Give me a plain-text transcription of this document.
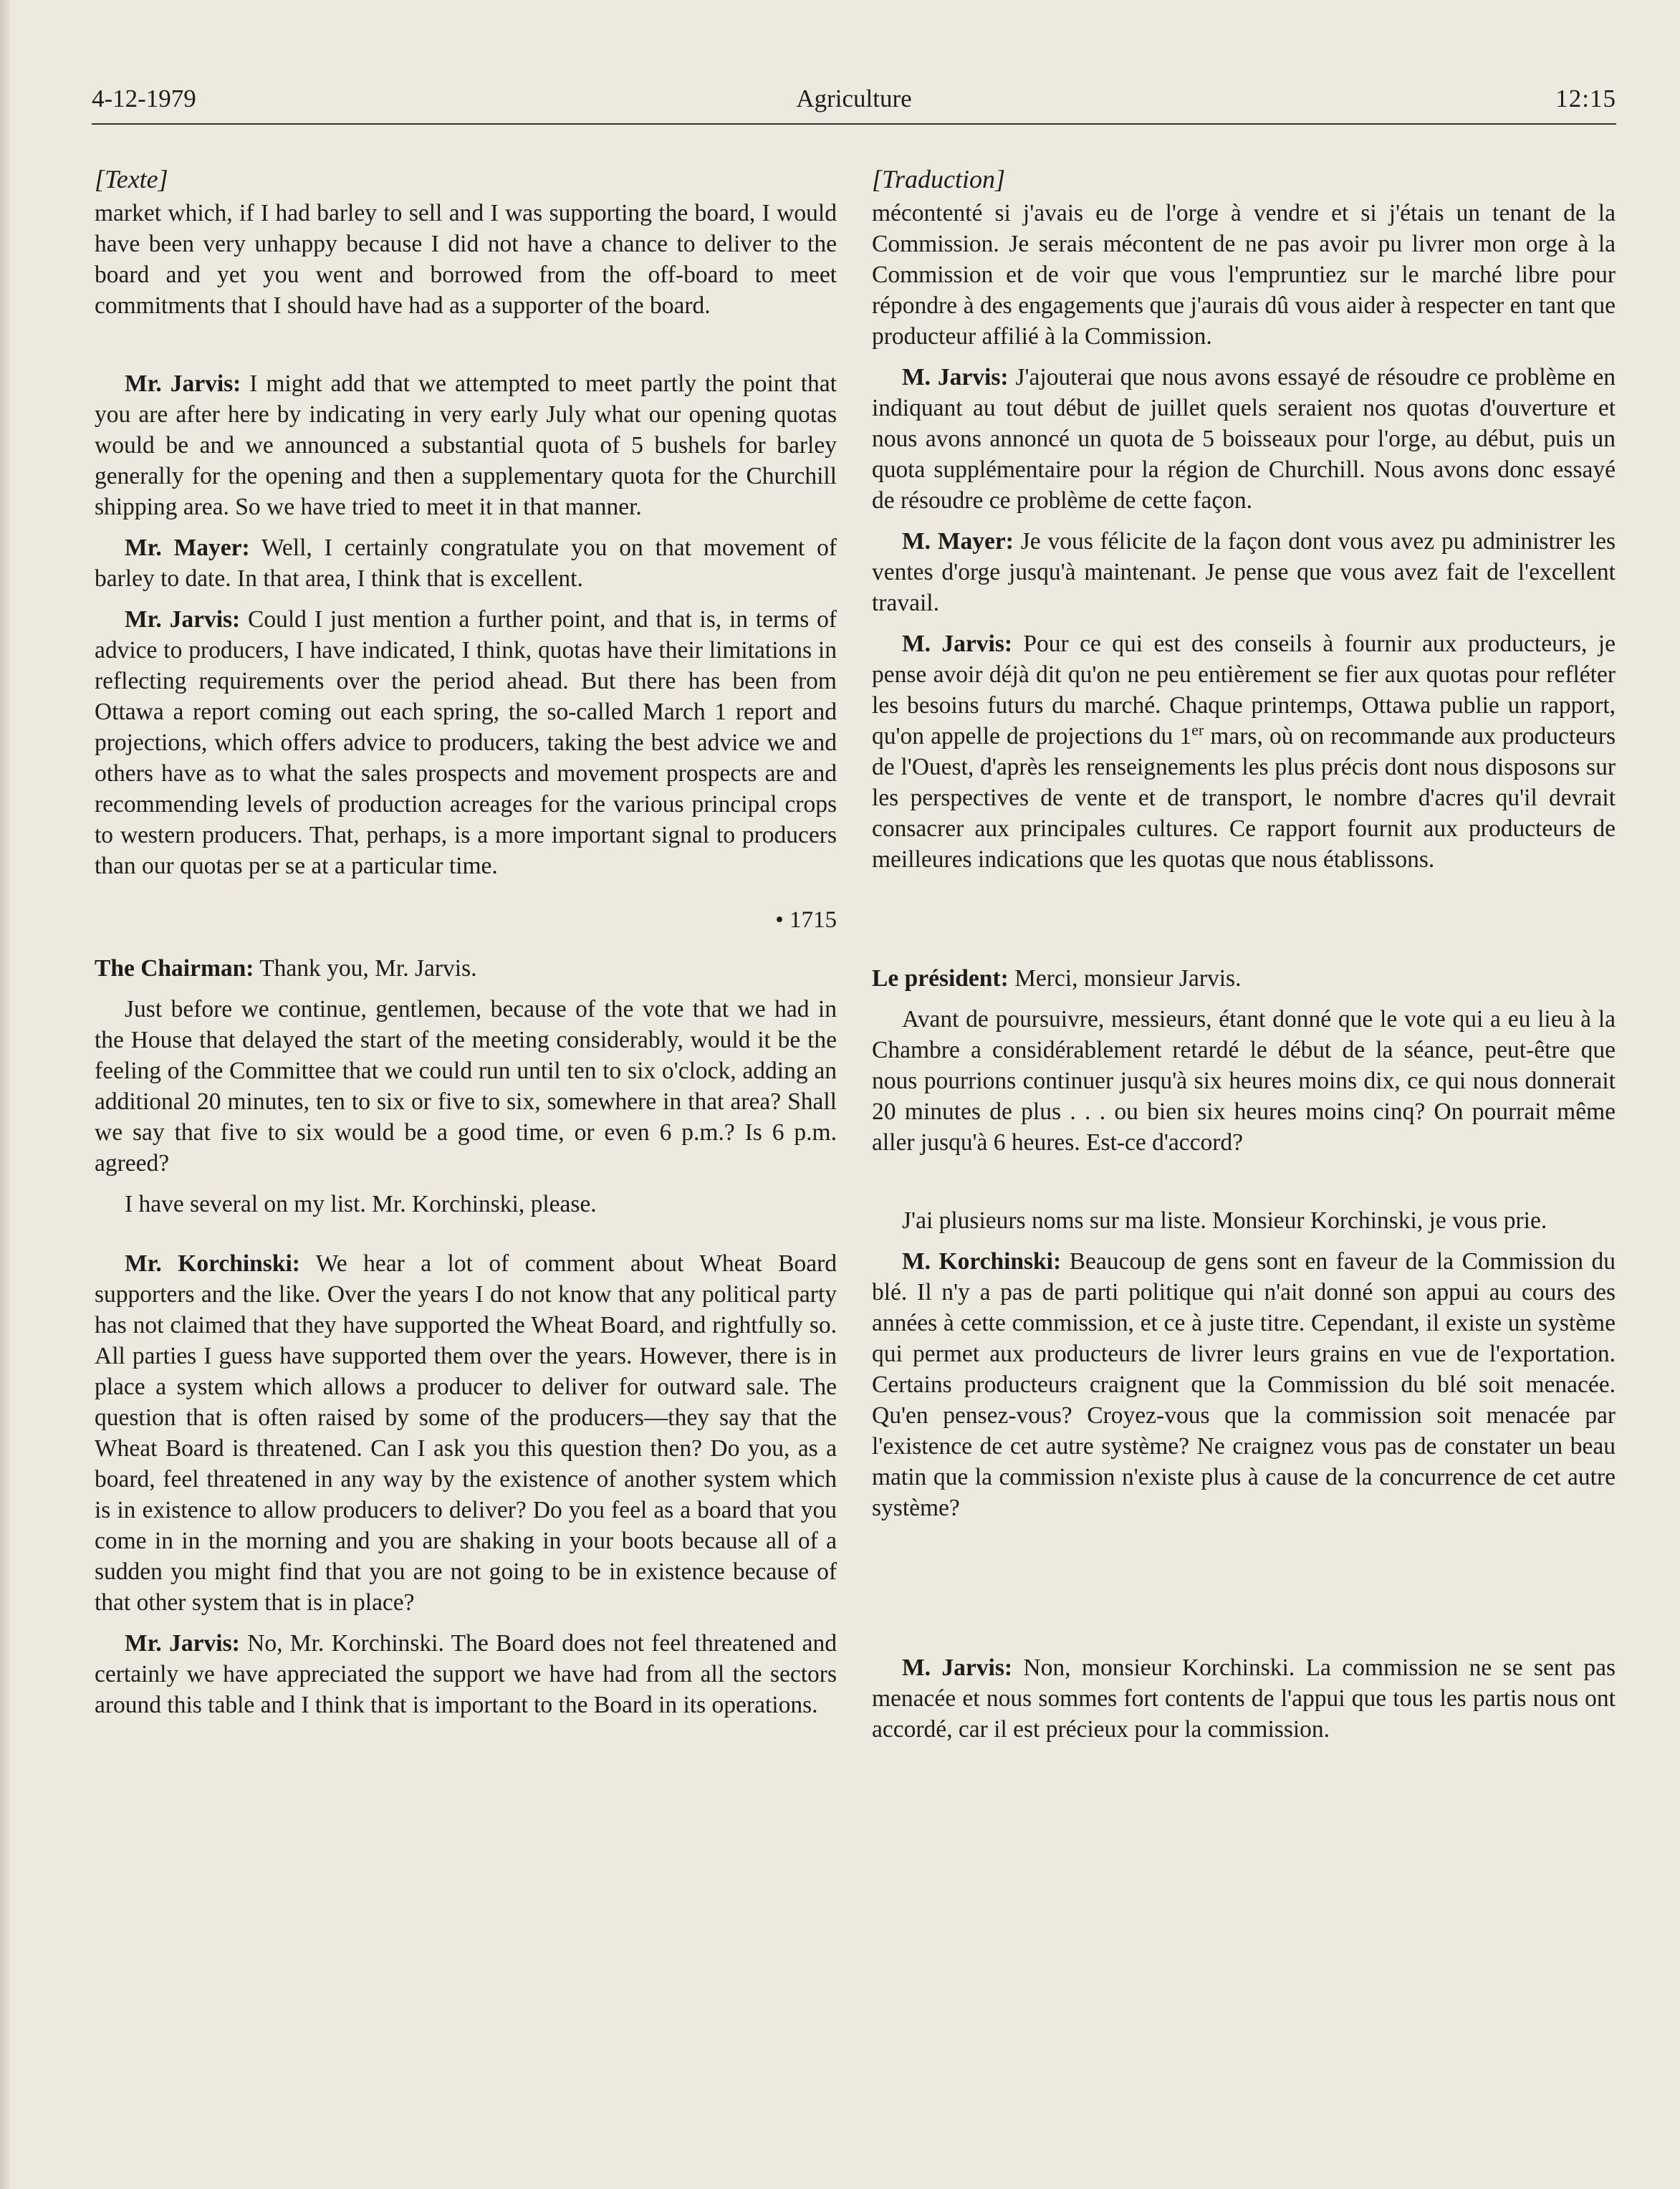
4-12-1979	Agriculture	12:15

[Texte]

market which, if I had barley to sell and I was supporting the board, I would have been very unhappy because I did not have a chance to deliver to the board and yet you went and borrowed from the off-board to meet commitments that I should have had as a supporter of the board.

Mr. Jarvis: I might add that we attempted to meet partly the point that you are after here by indicating in very early July what our opening quotas would be and we announced a substantial quota of 5 bushels for barley generally for the opening and then a supplementary quota for the Churchill shipping area. So we have tried to meet it in that manner.

Mr. Mayer: Well, I certainly congratulate you on that movement of barley to date. In that area, I think that is excellent.

Mr. Jarvis: Could I just mention a further point, and that is, in terms of advice to producers, I have indicated, I think, quotas have their limitations in reflecting requirements over the period ahead. But there has been from Ottawa a report coming out each spring, the so-called March 1 report and projections, which offers advice to producers, taking the best advice we and others have as to what the sales prospects and movement prospects are and recommending levels of production acreages for the various principal crops to western producers. That, perhaps, is a more important signal to producers than our quotas per se at a particular time.

• 1715

The Chairman: Thank you, Mr. Jarvis.

Just before we continue, gentlemen, because of the vote that we had in the House that delayed the start of the meeting considerably, would it be the feeling of the Committee that we could run until ten to six o'clock, adding an additional 20 minutes, ten to six or five to six, somewhere in that area? Shall we say that five to six would be a good time, or even 6 p.m.? Is 6 p.m. agreed?

I have several on my list. Mr. Korchinski, please.

Mr. Korchinski: We hear a lot of comment about Wheat Board supporters and the like. Over the years I do not know that any political party has not claimed that they have supported the Wheat Board, and rightfully so. All parties I guess have supported them over the years. However, there is in place a system which allows a producer to deliver for outward sale. The question that is often raised by some of the producers—they say that the Wheat Board is threatened. Can I ask you this question then? Do you, as a board, feel threatened in any way by the existence of another system which is in existence to allow producers to deliver? Do you feel as a board that you come in in the morning and you are shaking in your boots because all of a sudden you might find that you are not going to be in existence because of that other system that is in place?

Mr. Jarvis: No, Mr. Korchinski. The Board does not feel threatened and certainly we have appreciated the support we have had from all the sectors around this table and I think that is important to the Board in its operations.

[Traduction]

mécontenté si j'avais eu de l'orge à vendre et si j'étais un tenant de la Commission. Je serais mécontent de ne pas avoir pu livrer mon orge à la Commission et de voir que vous l'empruntiez sur le marché libre pour répondre à des engagements que j'aurais dû vous aider à respecter en tant que producteur affilié à la Commission.

M. Jarvis: J'ajouterai que nous avons essayé de résoudre ce problème en indiquant au tout début de juillet quels seraient nos quotas d'ouverture et nous avons annoncé un quota de 5 boisseaux pour l'orge, au début, puis un quota supplémentaire pour la région de Churchill. Nous avons donc essayé de résoudre ce problème de cette façon.

M. Mayer: Je vous félicite de la façon dont vous avez pu administrer les ventes d'orge jusqu'à maintenant. Je pense que vous avez fait de l'excellent travail.

M. Jarvis: Pour ce qui est des conseils à fournir aux producteurs, je pense avoir déjà dit qu'on ne peu entièrement se fier aux quotas pour refléter les besoins futurs du marché. Chaque printemps, Ottawa publie un rapport, qu'on appelle de projections du 1er mars, où on recommande aux producteurs de l'Ouest, d'après les renseignements les plus précis dont nous disposons sur les perspectives de vente et de transport, le nombre d'acres qu'il devrait consacrer aux principales cultures. Ce rapport fournit aux producteurs de meilleures indications que les quotas que nous établissons.

Le président: Merci, monsieur Jarvis.

Avant de poursuivre, messieurs, étant donné que le vote qui a eu lieu à la Chambre a considérablement retardé le début de la séance, peut-être que nous pourrions continuer jusqu'à six heures moins dix, ce qui nous donnerait 20 minutes de plus . . . ou bien six heures moins cinq? On pourrait même aller jusqu'à 6 heures. Est-ce d'accord?

J'ai plusieurs noms sur ma liste. Monsieur Korchinski, je vous prie.

M. Korchinski: Beaucoup de gens sont en faveur de la Commission du blé. Il n'y a pas de parti politique qui n'ait donné son appui au cours des années à cette commission, et ce à juste titre. Cependant, il existe un système qui permet aux producteurs de livrer leurs grains en vue de l'exportation. Certains producteurs craignent que la Commission du blé soit menacée. Qu'en pensez-vous? Croyez-vous que la commission soit menacée par l'existence de cet autre système? Ne craignez vous pas de constater un beau matin que la commission n'existe plus à cause de la concurrence de cet autre système?

M. Jarvis: Non, monsieur Korchinski. La commission ne se sent pas menacée et nous sommes fort contents de l'appui que tous les partis nous ont accordé, car il est précieux pour la commission.
